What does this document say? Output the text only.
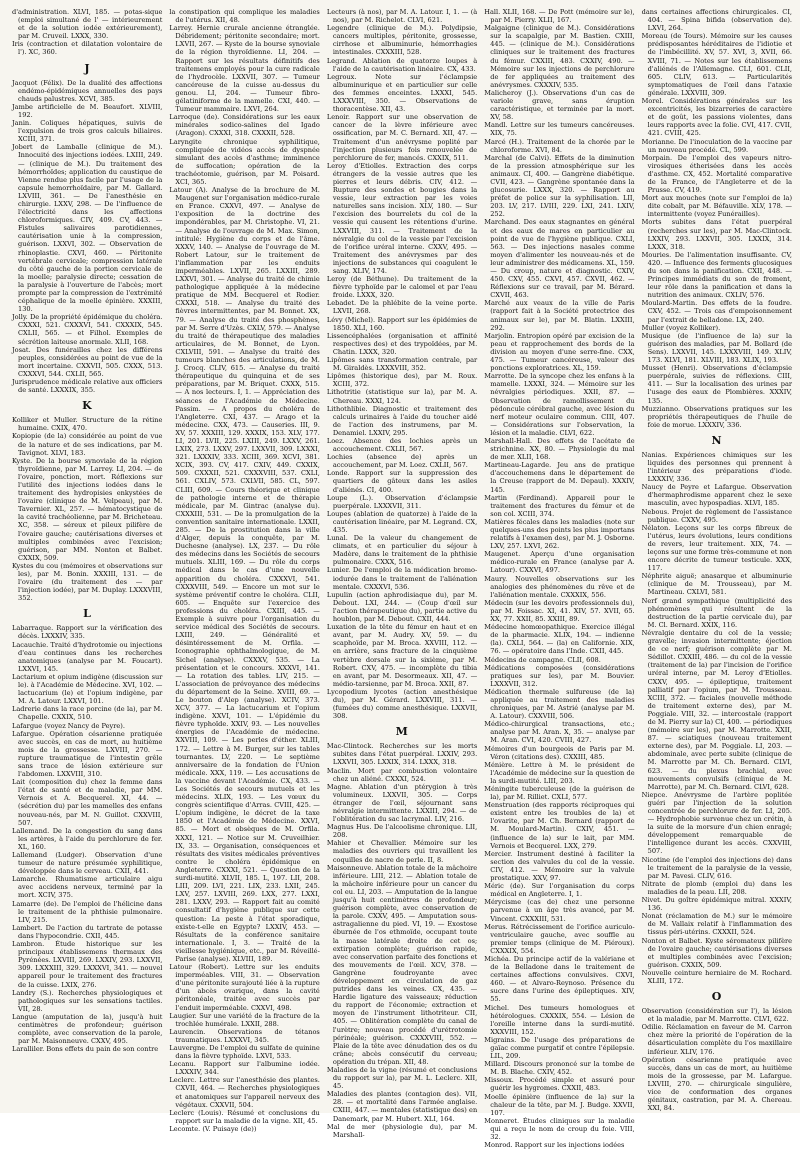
d'administration. XLVI, 185. — potas-sique (emploi simultané de l' — intérieurement et de la solution iodée extérieurement), par M. Cruveil. LXXX, 330.

Iris (contraction et dilatation volontaire de l'). XC, 360.

J

Jacquot (Félix). De la dualité des affections endémo-épidémiques annuelles des pays chauds palustres. XCVI, 385.

Jambe artificielle de M. Beaufort. XLVIII, 192.

Janin. Coliques hépatiques, suivis de l'expulsion de trois gros calculs biliaires. XCIII, 371.

Jobert de Lamballe (clinique de M.). Innocuité des injections iodées. LXIII, 249. — (clinique de M.). Du traitement des hémorrhoïdes; application du caustique de Vienne rendue plus facile par l'usage de la capsule hemorrhoïdaire, par M. Gallard. LXVIII, 361. — De l'anesthésie en chirurgie. LXXV, 298. — De l'influence de l'électricité dans les affections chloroformiques. CIV, 409. CV, 443. — Fistules salivaires parotidiennes, cautérisation unie à la compression, guérison. LXXVI, 302. — Observation de rhinoplastie. CXVI, 460. — Péritonite vertébrale cervicale; compression latérale du côté gauche de la portion cervicale de la moelle; paralysie directe; cessation de la paralysie à l'ouverture de l'abcès; mort prompte par la compression de l'extrémité céphalique de la moelle épinière. XXXIII, 130.

Jolly. De la propriété épidémique du choléra. CXXXI, 521. CXXXVI, 541. CXXXIX, 545. CXLII, 565. — et Filhol. Exemples de sécrétion laiteuse anormale. XLII, 168.

Josat. Des funérailles chez les différens peuples, considérées au point de vue de la mort incertaine. CXXVII, 505. CXXX, 513. CXXXVI, 544. CXLII, 565.

Jurisprudence médicale relative aux officiers de santé. LXXXIX, 355.

K

Kolliker et Muller. Structure de la rétine humaine. CXIX, 470.

Kopiopie (de la) considérée au point de vue de la nature et de ses indications, par M. Tavignot. XLVI, 183.

Kyste. De la bourse synoviale de la région thyroïdienne, par M. Larrey. LI, 204. — de l'ovaire, ponction, mort. Réflexions sur l'utilité des injections iodées dans le traitement des hydropisies enkystées de l'ovaire (clinique de M. Velpeau), par M. Tavernier. XL, 257. — hématocystique de la cavité trachéolienne, par M. Bricheteau. XC, 358. — séreux et pileux pilifère de l'ovaire gauche; cautérisations diverses et multiples combinées avec l'excision; guérison, par MM. Nonton et Balbet. CXXIX, 509.

Kystes du cou (mémoires et observations sur les), par M. Bonin. XXXIII, 131. — de l'ovaire (du traitement des — par l'injection iodée), par M. Duplay. LXXXVIII, 352.

L

Labarraque. Rapport sur la vérification des décès. LXXXIV, 335.

Lacauchie. Traité d'hydrotomie ou injections d'eau continues dans les recherches anatomiques (analyse par M. Foucart). LXXVI, 145.

Lactarium et opium indigène (discussion sur le). à l'Académie de Médecine. XVI, 102. — lactucarium (le) et l'opium indigène, par M. A. Latour. LXXVI, 101.

Ladrerie dans la race porcine (de la), par M. Chapelle. CXXIX, 510.

Lafargue (voyez Nancy de Peyre).

Lafargue. Opération césarienne pratiquée avec succès, en cas de mort, au huitième mois de la grossesse. LXVIII, 270. — rupture traumatique de l'intestin grêle sans trace de lésion extérieure sur l'abdomen. LXXVIII, 310.

Lait (composition du) chez la femme dans l'état de santé et de maladie, par MM. Vernois et A. Becquerel. XI, 44. — (sécrétion du) par les mamelles des enfans nouveau-nés, par M. N. Guillot. CXXVIII, 507.

Lallemand. De la congestion du sang dans les artères, à l'aide du perchlorure de fer. XL, 160.

Lallemand (Ludger). Observation d'une tumeur de nature présumée syphilitique, développée dans le cerveau. CXII, 441.

Lamarche. Rhumatisme articulaire aigu avec accidens nerveux, terminé par la mort. XCIV, 375.

Lamarre (de). De l'emploi de l'hélicine dans le traitement de la phthisie pulmonaire. LIV, 215.

Lambert. De l'action du tartrate de potasse dans l'hypocondrie. CXII, 445.

Lambron. Étude historique sur les principaux établissemens thermaux des Pyrénées. LXVIII, 269. LXXIV, 293. LXXVII, 309. LXXXIII, 329. LXXXVI, 341. — nouvel appareil pour le traitement des fractures de la cuisse. LXIX, 276.

Landry (S.). Recherches physiologiques et pathologiques sur les sensations tactiles. VII, 28.

Langue (amputation de la), jusqu'à huit centimètres de profondeur; guérison complète, avec conservation de la parole, par M. Maisonneuve. CXXV, 495.

Laralliler. Bons effets du pain de son contre

la constipation qui complique les maladies de l'utérus. XII, 48.

Larrey. Hernie crurale ancienne étranglée. Débridement; péritonite secondaire; mort. LXVII, 267. — Kyste de la bourse synoviale de la région thyroïdienne. LI, 204. — Rapport sur les résultats définitifs des traitemens employés pour la cure radicale de l'hydrocèle. LXXVII, 307. — Tumeur cancéreuse de la cuisse au-dessus du genou. LI, 204. — Tumeur fibro-gélatiniforme de la mamelle. CXI, 440. — Tumeur mammaire. LXVI, 264.

Larroque (de). Considérations sur les eaux minérales sodico-salines del Igado (Aragon). CXXXI, 318. CXXXII, 528.

Laryngite chronique syphilitique, compliquée de vidéos accès de dyspnée simulant des accès d'asthme; imminence de suffocation; opération de la trachéotomie, guérison, par M. Poisard. XCI, 365.

Latour (A). Analyse de la brochure de M. Maugenet sur l'organisation médico-rurale en France. CXXVI, 497. — Analyse de l'exposition de la doctrine des impondérables, par M. Christophe. VI, 21. — Analyse de l'ouvrage de M. Max. Simon, intitulé: Hygiène du corps et de l'âme. XXXV, 140. — Analyse de l'ouvrage de M. Robert Latour, sur le traitement de l'inflammation par les enduits imperméables. LXVII, 265. LXXIII, 289. LXXVI, 301. — Analyse du traité de chimie pathologique appliquée à la médecine pratique de MM. Becquerel et Rodier. CXXXI, 518. — Analyse du traité des fièvres intermittentes, par M. Bonnet. XX, 79. — Analyse du traité des phosphènes, par M. Serre d'Uzès. CXLV, 579. — Analyse du traité de thérapeutique des maladies articulaires, de M. Bonnet, de Lyon. CXLVIII, 591. — Analyse du traité des tumeurs blanches des articulations, de M. J. Crocq. CLIV, 615. — Analyse du traité thérapeutique du quinquina et de ses préparations, par M. Briquet. CXXX, 515. — A nos lecteurs. I, 1. — Appréciation des séances de l'Académie de Médecine. Passim. — A propos du choléra de l'Angleterre. CXI, 437. — Arago et la médecine. CXX, 473. — Causeries. III, 9. XV, 57. XXXIII, 129. XXXIX, 153. XLV, 177. LI, 201. LVII, 225. LXIII, 249. LXXV, 261. LXIX, 273. LXXV, 297. LXXVII, 309. LXXXI, 321. LXXXIV, 333. XCIII, 369. XCVI, 381. XCIX, 393. CV, 417. CXIV, 449. CXXIX, 509. CXXXII, 521. CXXXVIII, 537. CXLI, 561. CXLIV, 573. CXLVII, 585. CL, 597. CLIII, 609. — Cours théorique et clinique de pathologie interne et de thérapie médicale, par M. Gintrac (analyse du). CXXXIII, 531. — De la promulgation de la convention sanitaire internationale. LXXII, 285. — De la prostitution dans la ville d'Alger, depuis la conquête, par M. Duchesne (analyse). LX, 237. — Du rôle des médecins dans les Sociétés de secours mutuels. XLIII, 169. — Du rôle du corps médical dans le cas d'une nouvelle apparition du choléra. CXXXVI, 541. CXXXVIII, 549. — Encore un mot sur le système préventif contre le choléra. CLII, 605. — Enquête sur l'exercice des professions du choléra. CXIII, 445. — Exemple à suivre pour l'organisation du service médical des Sociétés de secours. LXIII, 249. — Généralité et désintéressement de M. Orfila. — Iconographie ophthalmologique, de M. Sichel (analyse). CXXXV, 535. — La présentation et le concours. XXXVI, 141. — La rotation des tables. LIV, 215. — L'association de prévoyance des médecins du département de la Seine. XVIII, 69. — Le bouton d'Alep (analyse). XCIV, 373. XCV, 377. — La lactucarium et l'opium indigène. XXVI, 101. — L'épidémie du fièvre typhoïde. XXIV, 93. — Les nouvelles énergies de l'Académie de médecine. XXVIII, 109. — Les perles d'éther. XLIII, 172. — Lettre à M. Burger, sur les tables tournantes. LV, 220. — Le septième anniversaire de la fondation de l'Union médicale. XXX, 119. — Les accusations de la vaccine devant l'Académie. CX, 433. — Les Sociétés de secours mutuels et les médecins. XLIX, 193. — Les vœux du congrès scientifique d'Arras. CVIII, 425. — L'opium indigène, le décret de la taxe 1850 et l'Académie de Médecine. XXVI, 85. — Mort et obsèques de M. Orfila. XXXI, 121. — Notice sur M. Cruveilhier. IX, 33. — Organisation, conséquences et résultats des visites médicales préventives contre le choléra épidémique en Angleterre. CXXXI, 521. — Question de la surdi-mutité. XLVII, 185. L, 197. LII, 208. LIII, 209. LVI, 221. LIX, 233. LXII, 245. LXV, 257. LXVIII, 269. LXX, 277. LXXI, 281. LXXV, 293. — Rapport fait au comité consultatif d'hygiène publique sur cette question: La peste à l'état sporadique, existe-t-elle en Egypte? LXXIV, 453. — Résultats de la conférence sanitaire internationale. I, 3. — Traité de la vieillesse hygiénique, etc., par M. Réveillé-Parise (analyse). XLVIII, 189.

Latour (Robert). Lettre sur les enduits imperméables. VIII, 31. — Observation d'une péritonite surajouté liée à la rupture d'un abcès ovarique, dans la cavité péritonéale, traitée avec succès par l'enduit imperméable. CXXVI, 498.

Laugier. Sur une variété de la fracture de la trochlée humérale. LXXII, 288.

Laurencin. Observations de tétanos traumatiques. LXXXVI, 345.

Lauvergne. De l'emploi du sulfate de quinine dans la fièvre typhoïde. LXVI, 533.

Lecanu. Rapport sur l'albumine iodée. LXXXIV, 344.

Leclerc. Lettre sur l'anesthésie des plantes. CXVII, 464. — Recherches physiologiques et anatomiques sur l'appareil nerveux des végétaux. CXXVII, 504.

Leclerc (Louis). Résumé et conclusions du rapport sur la maladie de la vigne. XII, 45.

Lecomte. (V. Puisaye (de))

Lecteurs (à nos), par M. A. Latour. I, 1. — (à nos), par M. Richelot. CLVI, 621.

Legendre (clinique de M.). Polydipsie, cancers multiples, péritonite, grossesse, cirrhose et albuminurie, hémorrhagies intestinales. CXXXIII, 528.

Legrand. Ablation de quatorze loupes à l'aide de la cautérisation linéaire. CX, 433.

Legroux. Note sur l'éclampsie albuminurique et en particulier sur celle des femmes enceintes. LXXXI, 545. LXXXVIII, 350. — Observations de thoracentèse. XII, 43.

Lenoir. Rapport sur une observation de cancer de la lèvre inférieure avec ossification, par M. C. Bernard. XII, 47. — Traitement d'un anévrysme poplité par l'injection plusieurs fois renouvelée de perchlorure de fer, mancés. CXXIX, 511.

Leroy d'Etiolles. Extraction des corps étrangers de la vessie autres que les pierres et leurs débris. CIV, 412. — Rupture des sondes et bougies dans la vessie, leur extraction par les voies naturelles sans incision. XLV, 180. — Sur l'excision des bourrelets du col de la vessie qui causent les rétentions d'urine. LXXVIII, 311. — Traitement de la névralgie du col de la vessie par l'excision de l'orifice uréral interne. CXXV, 495. — Traitement des anévrysmes par des injections de substances qui coagulent le sang. XLIV, 174.

Leroy (de Béthune). Du traitement de la fièvre typhoïde par le calomel et par l'eau froide. LXXX, 320.

Lebadet. De la phlébite de la veine porte. LXVII, 268.

Lévy (Michel). Rapport sur les épidémies de 1850. XLI, 160.

Lissencéphalées (organisation et affinité respectives des) et des trypoïdées, par M. Chatin. LXXX, 320.

Lipômes sans transformation centrale, par M. Giraldès. LXXXVIII, 352.

Lipômes (historique des), par M. Roux. XCIII, 372.

Lithotritie (statistique sur la), par M. A. Chereau. XXXI, 124.

Lithothlibie. Diagnostic et traitement des calculs urinaires à l'aide du toucher aidé de l'action des instrumens, par M. Denamiel. LXXIV, 295.

Loez. Absence des lochies après un accouchement. CXLII, 567.

Lochies (absence de) après un accouchement, par M. Loez. CXLII, 567.

Londe. Rapport sur la suppression des quartiers de gâteux dans les asiles d'aliénés. CI, 400.

Loupe (L.). Observation d'éclampsie puerpérale. LXXXVII, 311.

Loupes (ablation de quatorze) à l'aide de la cautérisation linéaire, par M. Legrand. CX, 435.

Lunal. De la valeur du changement de climats, et en particulier du séjour à Madère, dans le traitement de la phthisie pulmonaire. CXXX, 516.

Lunier. De l'emploi de la médication bromo-iodurée dans le traitement de l'aliénation mentale. CXXXVI, 536.

Lupulin (action aphrodisiaque du), par M. Debout. LXI, 244. — (Coup d'œil sur l'action thérapeutique du), partie active du houblon, par M. Debout. CXII, 444.

Luxation de la tête du fémur en haut et en avant, par M. Audry. XV, 59. — du scaphoïde, par M. Broca. XXVIII, 112. — en arrière, sans fracture de la cinquième vertèbre dorsale sur la sixième, par M. Robert. CXV, 475. — incomplète du tibia en avant, par M. Desormeaux. XII, 47. — médio-tarsienne, par M. Broca. XXII, 87.

Lycopodium lycotes (action anesthésique du), par M. Gérard. LXXVIII, 311. — (fumées du) comme anesthésique. LXXVII, 308.

M

Mac-Clintock. Recherches sur les morts subites dans l'état puerpéral. LXXIV, 293. LXXVII, 305. LXXIX, 314. LXXX, 318.

Maclin. Mort par combustion volontaire chez un aliéné. CXXXI, 524.

Magne. Ablation d'un ptérygion à très volumineux. LXXVII, 305. — Corps étranger de l'œil, séjournant sans névralgie intermittente. LXXIII, 294. — de l'oblitération du sac lacrymal. LIV, 216.

Magnus Hus. De l'alcoolisme chronique. LII, 208.

Mahier et Chevallier. Mémoire sur les maladies des ouvriers qui travaillent les coquilles de nacre de perle. II, 8.

Maisonneuve. Ablation totale de la mâchoire inférieure. LIII, 212. — Ablation totale de la mâchoire inférieure pour un cancer du col eu. LI, 203. — Amputation de la langue jusqu'à huit centimètres de profondeur; guérison complète, avec conservation de la parole. CXXV, 495. — Amputation sous-astragalienne du pied. VI, 19. — Exostose éburnée de l'os ethmoïde, occupant toute la masse latérale droite de cet os; extirpation complète; guérison rapide, avec conservation parfaite des fonctions et des mouvements de l'œil. XCV, 378. — Gangrène foudroyante avec développement en circulation de gaz putrides dans les veines. CX, 435. — Hardie ligature des vaisseaux; réduction du rapport de l'économie; extraction et moyen de l'instrument lithotriteur. CII, 405. — Oblitération complète du canal de l'urètre; nouveau procédé d'urétrotomie périnéale; guérison. CXXXVIII, 552. — Plaie de la tête avec dénudation des os du crâne; abcès consécutif du cerveau; opération du trépan. XII, 48.

Maladies de la vigne (résumé et conclusions du rapport sur la), par M. L. Leclerc. XII, 45.

Maladies des plantes (contagion des). VII, 28. — et mortalité dans l'armée anglaise. CXIII, 447. — mentales (statistique des) en Danemark, par M. Hubert. XLI, 164.

Mal de mer (physiologie du), par M. Marshall-

Hall. XLII, 168. — De Pott (mémoire sur le), par M. Pierry. XLII, 167.

Malgaigne (clinique de M.). Considérations sur la scapalgie, par M. Bastien. CXIII, 445. — (clinique de M.). Considérations cliniques sur le traitement des fractures du fémur. CXXIII, 483. CXXIV, 490. — Mémoire sur les injections de perchlorure de fer appliquées au traitement des anévrysmes. CXXXIV, 535.

Malicheroy (J.). Observations d'un cas de variole grave, sans éruption caractéristique, et terminée par la mort. XV, 58.

Mandl. Lettre sur les tumeurs cancéreuses. XIX, 75.

Marcé (H.). Traitement de la chorée par le chloroforme. XVI, 84.

Marchal (de Calvi). Effets de la diminution de la pression atmosphérique sur les animaux. CI, 400. — Gangrène diabétique. CVII, 423. — Gangrène spontanée dans la glucosurie. LXXX, 320. — Rapport au préfet de police sur la syphilisation. LII, 203. LV, 217. LVIII, 229. LXI, 241. LXIV, 252.

Marchand. Des eaux stagnantes en général et des eaux de mares en particulier au point de vue de l'hygiène publique. CXLI, 563. — Des injections nasales comme moyen d'alimenter les nouveau-nés et de leur administrer des médicamens. XL, 159. — Du croup, nature et diagnostic. CXIV, 450. CXV, 455. CXVI, 457. CXVII, 462. — Réflexions sur ce travail, par M. Bérard. CXVII, 463.

Marché aux veaux de la ville de Paris (rapport fait à la Société protectrice des animaux sur le), par M. Blatin. LXXIII, 292.

Marjolin. Entropion opéré par excision de la peau et rapprochement des bords de la division au moyen d'une serre-fine. CXX, 475. — Tumeur cancéreuse, valeur des ponctions exploratrices. XL, 159.

Marrotte. De la syncope chez les enfans à la mamelle. LXXXI, 324. — Mémoire sur les névralgies périodiques. XXII, 87. — Observation de ramollissement du pédoncule cérébral gauche, avec lésion du nerf moteur oculaire commun. CIII, 407. — Considérations sur l'observation, la lésion et la maladie. CLVI, 622.

Marshall-Hall. Des effets de l'acétate de strichnine. XX, 80. — Physiologie du mal de mer. XLII, 168.

Martineau-Lagarde. Jeu ans de pratique d'accouchemens dans le département de la Creuse (rapport de M. Depaul). XXXIV, 145.

Martin (Ferdinand). Appareil pour le traitement des fractures du fémur et de son col. XCIII, 374.

Matières fécales dans les maladies (note sur quelques-uns des points les plus importans relatifs à l'examen des), par M. J. Osborne. LXV, 257. LXVI, 262.

Maugenet. Aperçu d'une organisation médico-rurale en France (analyse par A. Latour). CXXVI, 497.

Maury. Nouvelles observations sur les analogies des phénomènes du rêve et de l'aliénation mentale. CXXXIX, 556.

Médecin (sur les devoirs professionnels du), par M. Foissac. XI, 41. XIV, 57. XVII, 65. XX, 77. XXII, 85. XXIII, 89.

Médecine homœopathique. Exercice illégal de la pharmacie. XLIX, 194. — indienne (la). CXLI, 564. — (la) en Californie. XIX, 76. — opératoire dans l'Inde. CXII, 445.

Médecins de campagne. CLII, 608.

Médications composées (considérations pratiques sur les), par M. Bouvier. LXXXVII, 312.

Médication thermale sulfureuse (de la) appliquée au traitement des maladies chroniques, par M. Astrié (analyse par M. A. Latour). CXXVIII, 506.

Médico-chirurgical transactions, etc.; analyse par M. Aran. X, 35. — analyse par M. Aran. CVI, 420. CVIII, 427.

Mémoires d'un bourgeois de Paris par M. Véron (citations des). CXXIII, 485.

Ménière. Lettre à M. le président de l'Académie de médecine sur la question de la surdi-mutité. LIII, 203.

Méningite tuberculeuse (de la guérison de la), par M. Rilliet. CXLI, 577.

Menstruation (des rapports réciproques qui existent entre les troubles de la) et l'ovarite, par M. Ch. Bernard (rapport de M. Moulard-Martin). CXIV, 451. — (influence de la) sur le lait, par MM. Vernois et Becquerel. LXX, 279.

Mercier. Instrument destiné à faciliter la section des valvules du col de la vessie. CIV, 412. — Mémoire sur la valvule prostatique. XXV, 97.

Méric (de). Sur l'organisation du corps médical en Angleterre. I, 1.

Mérycisme (cas de) chez une personne parvenue à un âge très avancé, par M. Vincent. CXXXIII, 531.

Merus. Rétrécissement de l'orifice auriculo-ventriculaire gauche, avec souffle au premier temps (clinique de M. Piéroux). CXXXIX, 554.

Michéa. Du principe actif de la valériane et de la Belladone dans le traitement de certaines affections convulsives. CXVI, 460. — et Alvaro-Reynoso. Présence du sucre dans l'urine des épileptiques. XIV, 55.

Michel. Des tumeurs homologues et hétérologues. CXXXIX, 554. — Lésion de l'oreille interne dans la surdi-mutité. XXXVIII, 152.

Migrains. De l'usage des préparations de gaïac comme purgatif et contre l'épilepsie. LIL, 209.

Millard. Discours prononcé sur la tombe de M. B. Blache. CXIV, 452.

Missoux. Procédé simple et assuré pour guérir les hygromes. CXXII, 483.

Moelle épinière (influence de la) sur la chaleur de la tête, par M. J. Budge. XXVII, 107.

Monneret. Études cliniques sur la maladie qui a reçu le nom de croup du foie. VIII, 32.

Monrod. Rapport sur les injections iodées

dans certaines affections chirurgicales. CI, 404. — Spina bifida (observation de). LXVI, 264.

Moreau (de Tours). Mémoire sur les causes prédisposantes héréditaires de l'idiotie et de l'imbécillité. XV, 57. XVI, 3, XVII, 66. XVIII, 71. — Notes sur les établissemens d'aliénés de l'Allemagne. CLI, 601. CLII, 605. CLIV, 613. — Particularités symptomatiques de l'œil dans l'ataxie générale. LXXVIII, 309.

Morel. Considérations générales sur les excentricités, les bizarreries de caractère et de goût, les passions violentes, dans leurs rapports avec la folie. CVI, 417. CVII, 421. CVIII, 425.

Morianne. De l'inoculation de la vaccine par un nouveau procédé. CL, 599.

Morpain. De l'emploi des vapeurs nitro-virosiques étherisées dans les accès d'asthme. CX, 452. Mortalité comparative de la France, de l'Angleterre et de la Prusse. CV, 419.

Mort aux mouches (note sur l'emploi de la) dite cobalt, par M. Béfauville. XLV, 178. — intermittente (voyez Funérailles).

Morts subites dans l'état puerpéral (recherches sur les), par M. Mac-Clintock. LXXIV, 293. LXXVII, 305. LXXIX, 314. LXXX, 318.

Mouries. De l'alimentation insuffisante. CV, 420. — Influence des ferments glucosiques du son dans la panification. CXII, 448. — Principes immédiats du son de froment, leur rôle dans la panification et dans la nutrition des animaux. CXLIV, 576.

Moulard-Martin. Des effets de la foudre. CXV, 452. — Trois cas d'empoisonnement par l'extrait de belladone. LX, 240.

Muller (voyez Kolliker).

Musique (de l'influence de la) sur la guérison des maladies, par M. Bollard (de Sens). LXXVII, 145. LXXXVIII, 149. XLIV, 173. XLVI, 181. XLVIII, 183. XLIX, 193.

Musset (Henri). Observations d'éclampsie puerpérale, suivies de réflexions. CIII, 411. — Sur la localisation des urines par l'usage des eaux de Plombières. XXXIV, 135.

Muzzianno. Observations pratiques sur les propriétés thérapeutiques de l'huile de foie de morue. LXXXIV, 336.

N

Nanias. Expériences chimiques sur les liquides des personnes qui prennent à l'intérieur des préparations d'iode. LXXXIV, 336.

Naucy de Peyre et Lafargue. Observation d'hermaphrodisme apparent chez le sexe masculin, avec hypospadias. XLVI, 185.

Nebous. Projet de règlement de l'assistance publique. CXXV, 495.

Nélaton. Leçons sur les corps fibreux de l'utérus, leurs évolutions, leurs conditions de revers, leur traitement. XIX, 74. — leçons sur une forme très-commune et non encore décrite de tumeur testicule. XXX, 117.

Néphrite aiguë; anasarque et albuminurie (clinique de M. Trousseau), par M. Martineau. CXLVI, 581.

Nerf grand sympathique (multiplicité des phénomènes qui résultent de la destruction de la partie cervicale du), par M. Cl. Bernard. XXIX, 116.

Névralgie dentaire du col de la vessie; gravelle; invasion intermittente; éjection de ce nerf; guérison complète par M. Sédillot. CXXIII, 486. — du col de la vessie (traitement de la) par l'incision de l'orifice uréral interne, par M. Leroy d'Etiolles. CXXV, 495. — épileptique, traitement palliatif par l'opium, par M. Trousseau. XCIII, 372. — faciales (nouvelle méthode de traitement externe des), par M. Poggiale. VIII, 32. — intercostale (rapport de M. Pierry sur la) CI, 400. — périodiques (mémoire sur les), par M. Marrotte. XXII, 87. — sciatiques (nouveau traitement externe des), par M. Poggiale. LI, 203. — abdominale, avec perte subite (clinique de M. Marrotte par M. Ch. Bernard. CLVI, 623. — du plexus brachial, avec mouvements convulsifs (clinique de M. Marrotte), par M. Ch. Bernard. CLVI, 628.

Niepce. Anévrysme de l'artère poplitée guéri par l'injection de la solution concentrée de perchlorure de fer. LI, 205. — Hydrophobie survenue chez un crétin, à la suite de la morsure d'un chien enragé; développement remarquable de l'intelligence durant les accès. CXXVIII, 507.

Nicotine (de l'emploi des injections de) dans le traitement de la paralysie de la vessie, par M. Pavesi. CLIV, 616.

Nitrate de plomb (emploi du) dans les maladies de la peau. LII, 208.

Nivet. Du goître épidémique mitral. XXXIV, 136.

Nonat (réclamation de M.) sur le mémoire de M. Vallaix relatif à l'inflammation des tissus péri-utérins. CXXXII, 524.

Nonton et Balbet. Kyste séromateux pilifère de l'ovaire gauche; cautérisations diverses et multiples combinées avec l'excision; guérison. CXXIX, 509.

Nouvelle ceinture herniaire de M. Rochard. XLIII, 172.

O

Observation (considération sur l'), la lésion et la maladie, par M. Marrotte. CLVI, 622.

Odilie. Réclamation en faveur de M. Carron chez mère la priorité de l'opération de la désarticulation complète du l'os maxillaire inférieur. XLIV, 176.

Opération césarienne pratiquée avec succès, dans un cas de mort, au huitième mois de la grossesse, par M. Lafargue. LXVIII, 270. — chirurgicale singulière, vice de conformation des organes génitaux, castration, par M. A. Chereau. XXI, 84.
